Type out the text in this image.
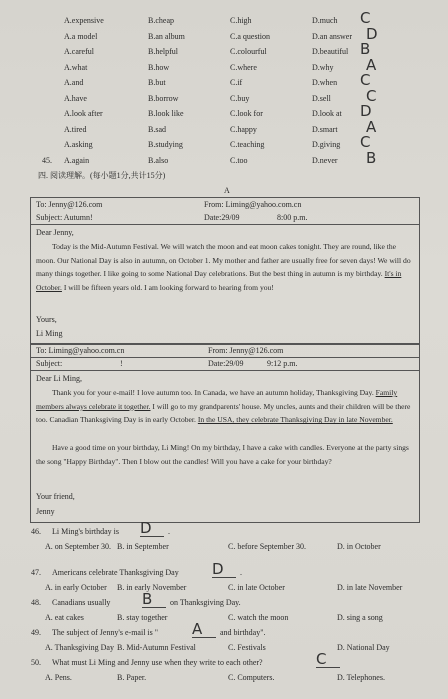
A.expensive	B.cheap	C.high	D.much C
A.a model	B.an album	C.a question	D.an answer D
A.careful	B.helpful	C.colourful	D.beautiful B
A.what	B.how	C.where	D.why A
A.and	B.but	C.if	D.when C
A.have	B.borrow	C.buy	D.sell C
A.look after	B.look like	C.look for	D.look at D
A.tired	B.sad	C.happy	D.smart A
A.asking	B.studying	C.teaching	D.giving C
45. A.again	B.also	C.too	D.never B
四. 阅读理解。(每小题1分,共计15分)
A
To: Jenny@126.com	From: Liming@yahoo.com.cn
Subject: Autumn!	Date:29/09	8:00 p.m.
Dear Jenny,
Today is the Mid-Autumn Festival. We will watch the moon and eat moon cakes tonight. They are round, like the moon. Our National Day is also in autumn, on October 1. My mother and father are usually free for seven days! We will do many things together. I like going to some National Day celebrations. But the best thing in autumn is my birthday. It's in October. I will be fifteen years old. I am looking forward to hearing from you!
Yours,
Li Ming
To: Liming@yahoo.com.cn	From: Jenny@126.com
Subject:	!	Date:29/09	9:12 p.m.
Dear Li Ming,
Thank you for your e-mail! I love autumn too. In Canada, we have an autumn holiday, Thanksgiving Day. Family members always celebrate it together. I will go to my grandparents' house. My uncles, aunts and their children will be there too. Canadian Thanksgiving Day is in early October. In the USA, they celebrate Thanksgiving Day in late November.
Have a good time on your birthday, Li Ming! On my birthday, I have a cake with candles. Everyone at the party sings the song "Happy Birthday". Then I blow out the candles! Will you have a cake for your birthday?
Your friend,
Jenny
46. Li Ming's birthday is D	.
A. on September 30. B. in September	C. before September 30.	D. in October
47. Americans celebrate Thanksgiving Day D	.
A. in early October B. in early November	C. in late October	D. in late November
48. Canadians usually B	on Thanksgiving Day.
A. eat cakes	B. stay together	C. watch the moon	D. sing a song
49. The subject of Jenny's e-mail is " A	and birthday".
A. Thanksgiving Day B. Mid-Autumn Festival	C. Festivals	D. National Day
50. What must Li Ming and Jenny use when they write to each other?	C
A. Pens.	B. Paper.	C. Computers.	D. Telephones.
